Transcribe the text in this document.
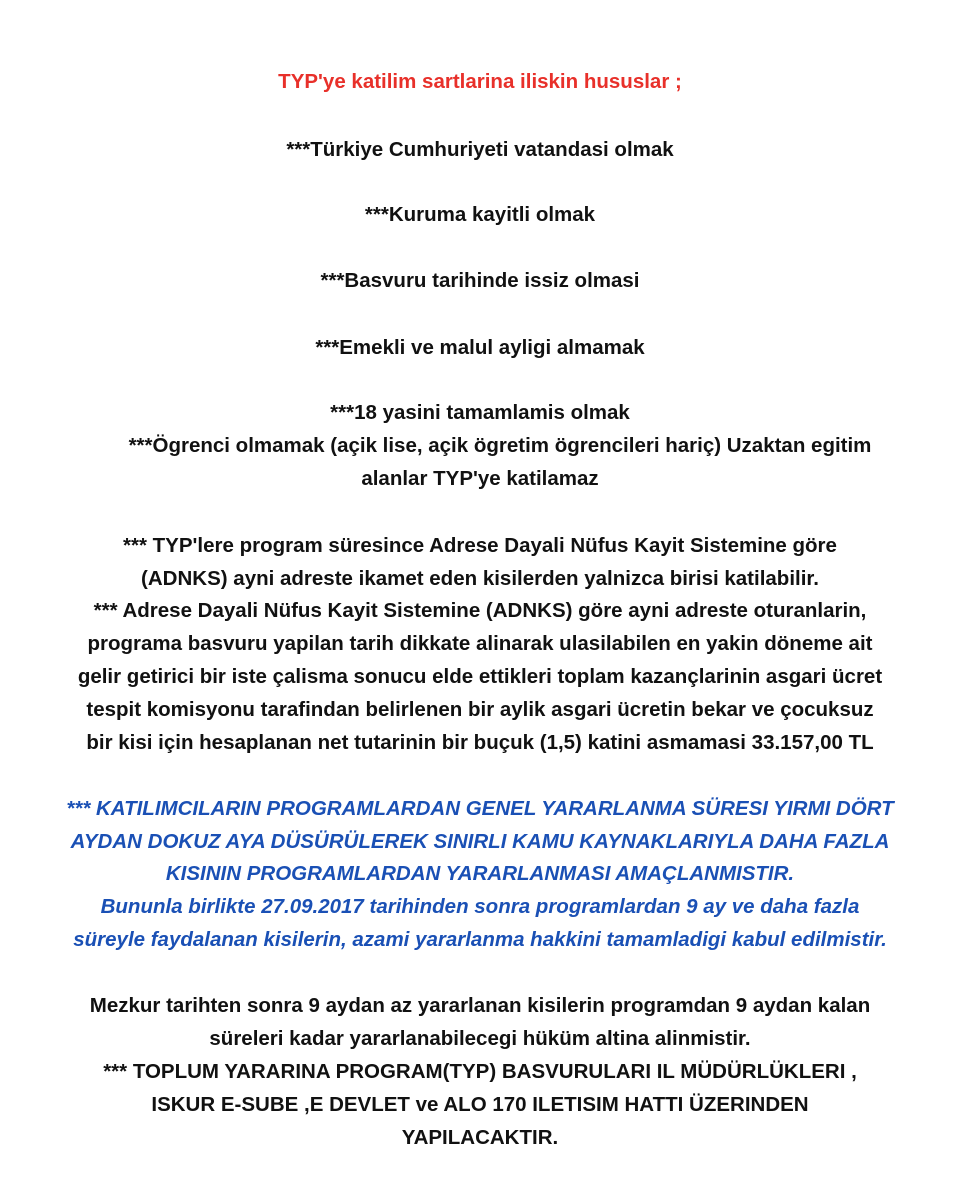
TYP'ye katilim sartlarina iliskin hususlar ;
***Türkiye Cumhuriyeti vatandasi olmak
***Kuruma kayitli olmak
***Basvuru tarihinde issiz olmasi
***Emekli ve malul ayligi almamak
***18 yasini tamamlamis olmak
***Ögrenci olmamak (açik lise, açik ögretim ögrencileri hariç) Uzaktan egitim
alanlar TYP'ye katilamaz
*** TYP'lere program süresince Adrese Dayali Nüfus Kayit Sistemine göre
(ADNKS) ayni adreste ikamet eden kisilerden yalnizca birisi katilabilir.
*** Adrese Dayali Nüfus Kayit Sistemine (ADNKS) göre ayni adreste oturanlarin,
programa basvuru yapilan tarih dikkate alinarak ulasilabilen en yakin döneme ait
gelir getirici bir iste çalisma sonucu elde ettikleri toplam kazançlarinin asgari ücret
tespit komisyonu tarafindan belirlenen bir aylik asgari ücretin bekar ve çocuksuz
bir kisi için hesaplanan net tutarinin bir buçuk (1,5) katini asmamasi 33.157,00 TL
*** KATILIMCILARIN PROGRAMLARDAN GENEL YARARLANMA SÜRESI YIRMI DÖRT
AYDAN DOKUZ AYA DÜSÜRÜLEREK SINIRLI KAMU KAYNAKLARIYLA DAHA FAZLA
KISININ PROGRAMLARDAN YARARLANMASI AMAÇLANMISTIR.
Bununla birlikte 27.09.2017 tarihinden sonra programlardan 9 ay ve daha fazla
süreyle faydalanan kisilerin, azami yararlanma hakkini tamamladigi kabul edilmistir.
Mezkur tarihten sonra 9 aydan az yararlanan kisilerin programdan 9 aydan kalan
süreleri kadar yararlanabilecegi hüküm altina alinmistir.
*** TOPLUM YARARINA PROGRAM(TYP) BASVURULARI IL MÜDÜRLÜKLERI ,
ISKUR E-SUBE ,E DEVLET ve ALO 170 ILETISIM HATTI ÜZERINDEN
YAPILACAKTIR.
